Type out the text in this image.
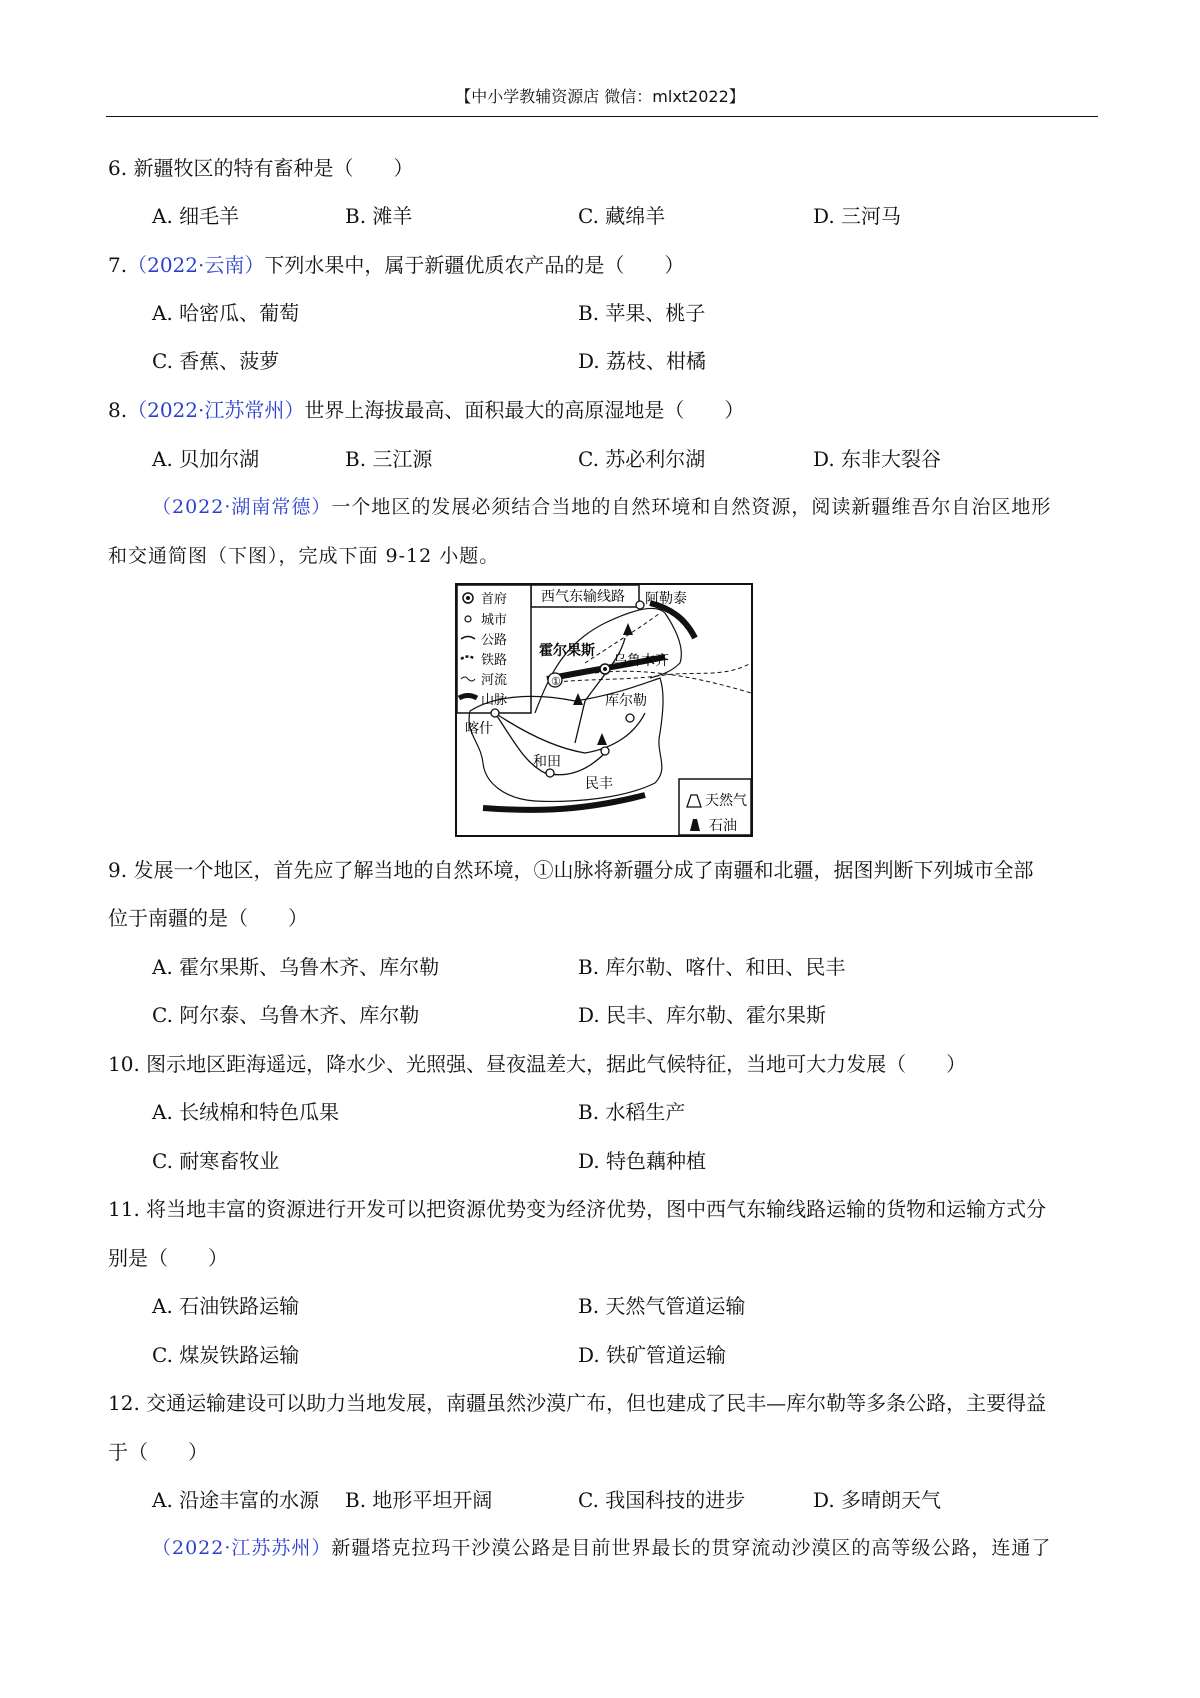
【中小学教辅资源店 微信：mlxt2022】
6. 新疆牧区的特有畜种是（　　）
A. 细毛羊	B. 滩羊	C. 藏绵羊	D. 三河马
7.（2022·云南）下列水果中，属于新疆优质农产品的是（　　）
A. 哈密瓜、葡萄	B. 苹果、桃子
C. 香蕉、菠萝	D. 荔枝、柑橘
8.（2022·江苏常州）世界上海拔最高、面积最大的高原湿地是（　　）
A. 贝加尔湖	B. 三江源	C. 苏必利尔湖	D. 东非大裂谷
（2022·湖南常德）一个地区的发展必须结合当地的自然环境和自然资源，阅读新疆维吾尔自治区地形
和交通简图（下图），完成下面 9-12 小题。
首府
城市
公路
铁路
河流
山脉
西气东输线路 阿勒泰
霍尔果斯
乌鲁木齐
①
喀什
库尔勒
和田
民丰
天然气
石油
9. 发展一个地区，首先应了解当地的自然环境，①山脉将新疆分成了南疆和北疆，据图判断下列城市全部
位于南疆的是（　　）
A. 霍尔果斯、乌鲁木齐、库尔勒	B. 库尔勒、喀什、和田、民丰
C. 阿尔泰、乌鲁木齐、库尔勒	D. 民丰、库尔勒、霍尔果斯
10. 图示地区距海遥远，降水少、光照强、昼夜温差大，据此气候特征，当地可大力发展（　　）
A. 长绒棉和特色瓜果	B. 水稻生产
C. 耐寒畜牧业	D. 特色藕种植
11. 将当地丰富的资源进行开发可以把资源优势变为经济优势，图中西气东输线路运输的货物和运输方式分
别是（　　）
A. 石油铁路运输	B. 天然气管道运输
C. 煤炭铁路运输	D. 铁矿管道运输
12. 交通运输建设可以助力当地发展，南疆虽然沙漠广布，但也建成了民丰—库尔勒等多条公路，主要得益
于（　　）
A. 沿途丰富的水源 B. 地形平坦开阔	C. 我国科技的进步	D. 多晴朗天气
（2022·江苏苏州）新疆塔克拉玛干沙漠公路是目前世界最长的贯穿流动沙漠区的高等级公路，连通了
